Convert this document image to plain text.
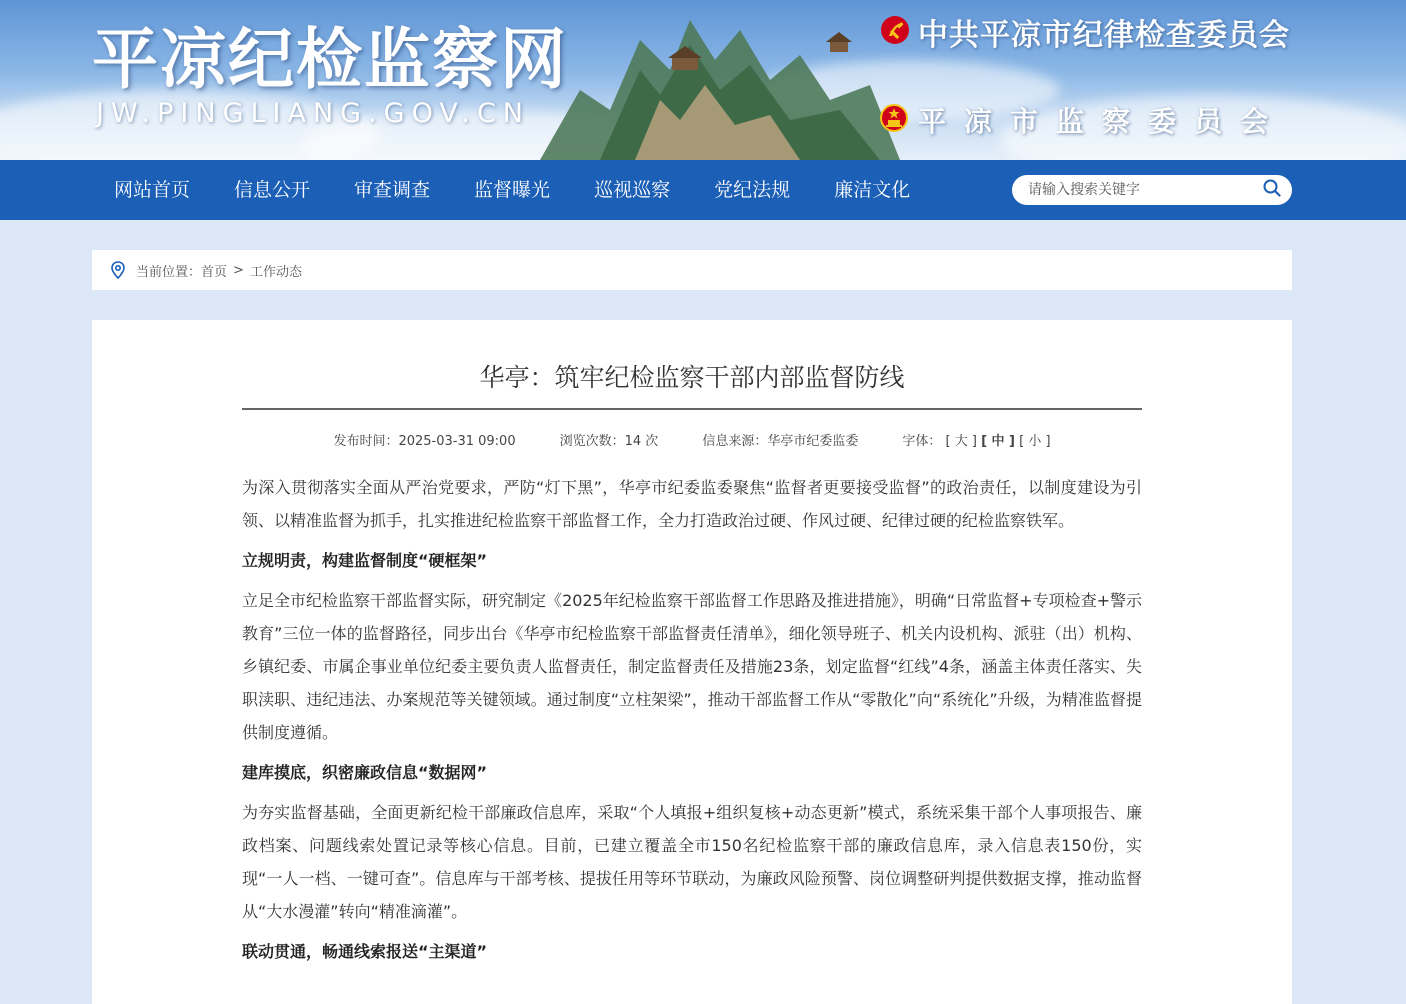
平凉纪检监察网
JW.PINGLIANG.GOV.CN
中共平凉市纪律检查委员会
平凉市监察委员会
网站首页	信息公开	审查调查	监督曝光	巡视巡察	党纪法规	廉洁文化
请输入搜索关键字
当前位置： 首页 > 工作动态
华亭：筑牢纪检监察干部内部监督防线
发布时间：2025-03-31 09:00	浏览次数：14 次	信息来源：华亭市纪委监委	字体： [ 大 ] [ 中 ] [ 小 ]

为深入贯彻落实全面从严治党要求，严防“灯下黑”，华亭市纪委监委聚焦“监督者更要接受监督”的政治责任，以制度建设为引领、以精准监督为抓手，扎实推进纪检监察干部监督工作，全力打造政治过硬、作风过硬、纪律过硬的纪检监察铁军。

立规明责，构建监督制度“硬框架”

立足全市纪检监察干部监督实际，研究制定《2025年纪检监察干部监督工作思路及推进措施》，明确“日常监督+专项检查+警示教育”三位一体的监督路径，同步出台《华亭市纪检监察干部监督责任清单》，细化领导班子、机关内设机构、派驻（出）机构、乡镇纪委、市属企事业单位纪委主要负责人监督责任，制定监督责任及措施23条，划定监督“红线”4条，涵盖主体责任落实、失职渎职、违纪违法、办案规范等关键领域。通过制度“立柱架梁”，推动干部监督工作从“零散化”向“系统化”升级，为精准监督提供制度遵循。

建库摸底，织密廉政信息“数据网”

为夯实监督基础，全面更新纪检干部廉政信息库，采取“个人填报+组织复核+动态更新”模式，系统采集干部个人事项报告、廉政档案、问题线索处置记录等核心信息。目前，已建立覆盖全市150名纪检监察干部的廉政信息库，录入信息表150份，实现“一人一档、一键可查”。信息库与干部考核、提拔任用等环节联动，为廉政风险预警、岗位调整研判提供数据支撑，推动监督从“大水漫灌”转向“精准滴灌”。

联动贯通，畅通线索报送“主渠道”
